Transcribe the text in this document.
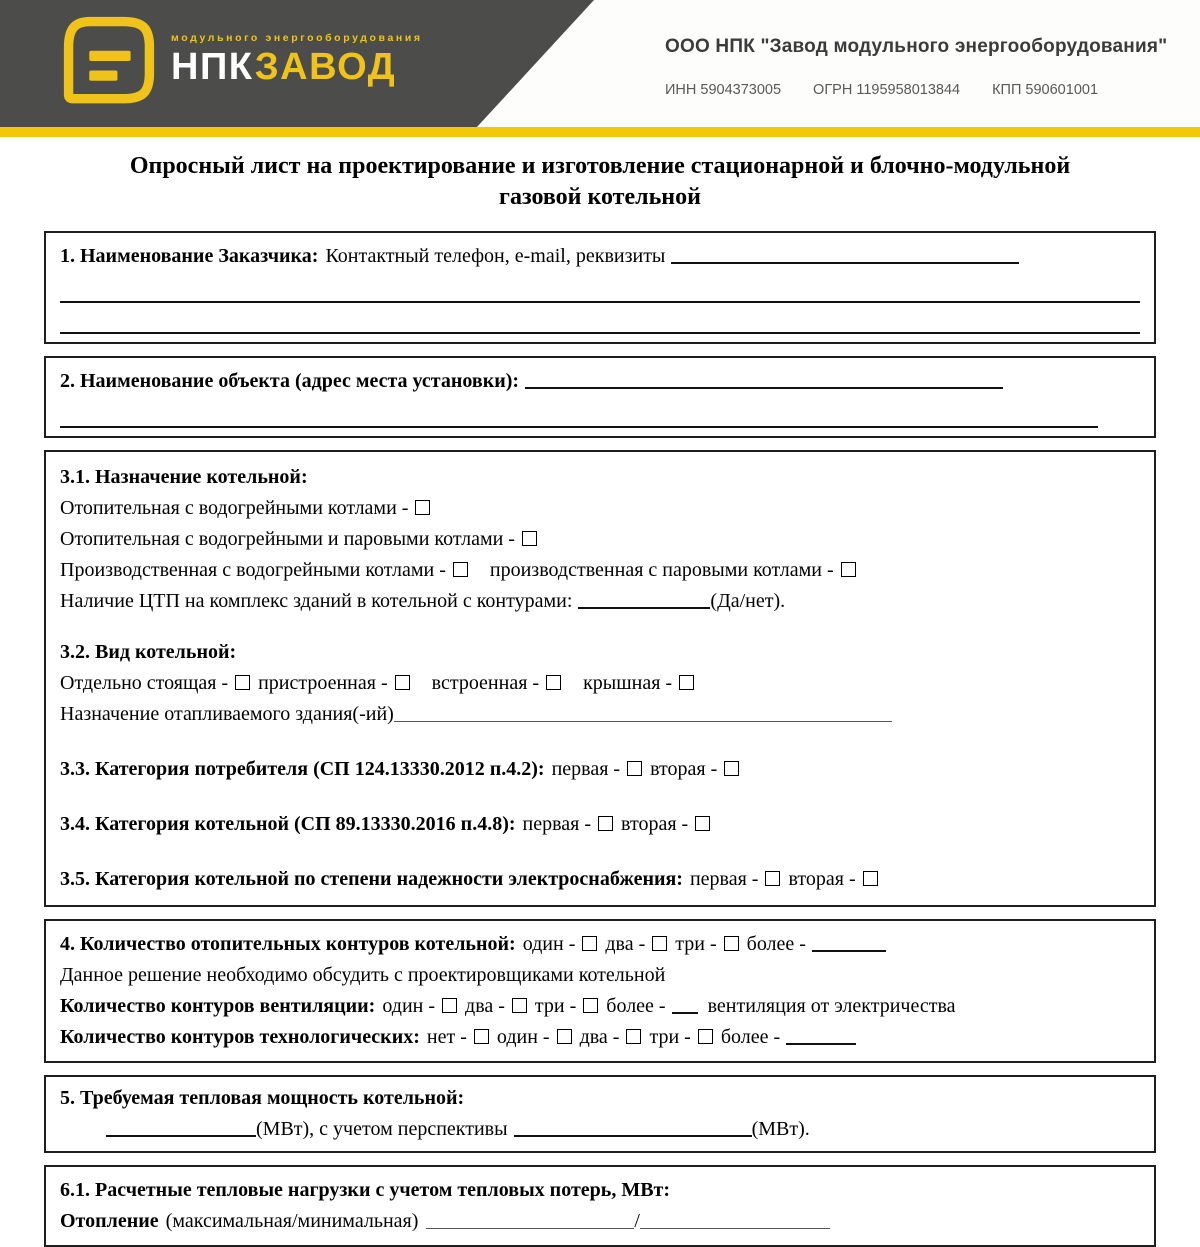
модульного энергооборудования
НПКЗАВОД	ООО НПК "Завод модульного энергооборудования"
ИНН 5904373005 ОГРН 1195958013844 КПП 590601001
Опросный лист на проектирование и изготовление стационарной и блочно-модульной газовой котельной
1. Наименование Заказчика: Контактный телефон, e-mail, реквизиты
2. Наименование объекта (адрес места установки):
3.1. Назначение котельной:
Отопительная с водогрейными котлами -
Отопительная с водогрейными и паровыми котлами -
Производственная с водогрейными котлами - производственная с паровыми котлами -
Наличие ЦТП на комплекс зданий в котельной с контурами:	(Да/нет).
3.2. Вид котельной:
Отдельно стоящая - пристроенная - встроенная - крышная -
Назначение отапливаемого здания(-ий)
3.3. Категория потребителя (СП 124.13330.2012 п.4.2): первая - вторая -
3.4. Категория котельной (СП 89.13330.2016 п.4.8): первая - вторая -
3.5. Категория котельной по степени надежности электроснабжения: первая - вторая -
4. Количество отопительных контуров котельной: один - два - три - более -
Данное решение необходимо обсудить с проектировщиками котельной
Количество контуров вентиляции: один - два - три - более - вентиляция от электричества
Количество контуров технологических: нет - один - два - три - более -
5. Требуемая тепловая мощность котельной:
(МВт), с учетом перспективы	(МВт).
6.1. Расчетные тепловые нагрузки с учетом тепловых потерь, МВт:
Отопление (максимальная/минимальная)	/
